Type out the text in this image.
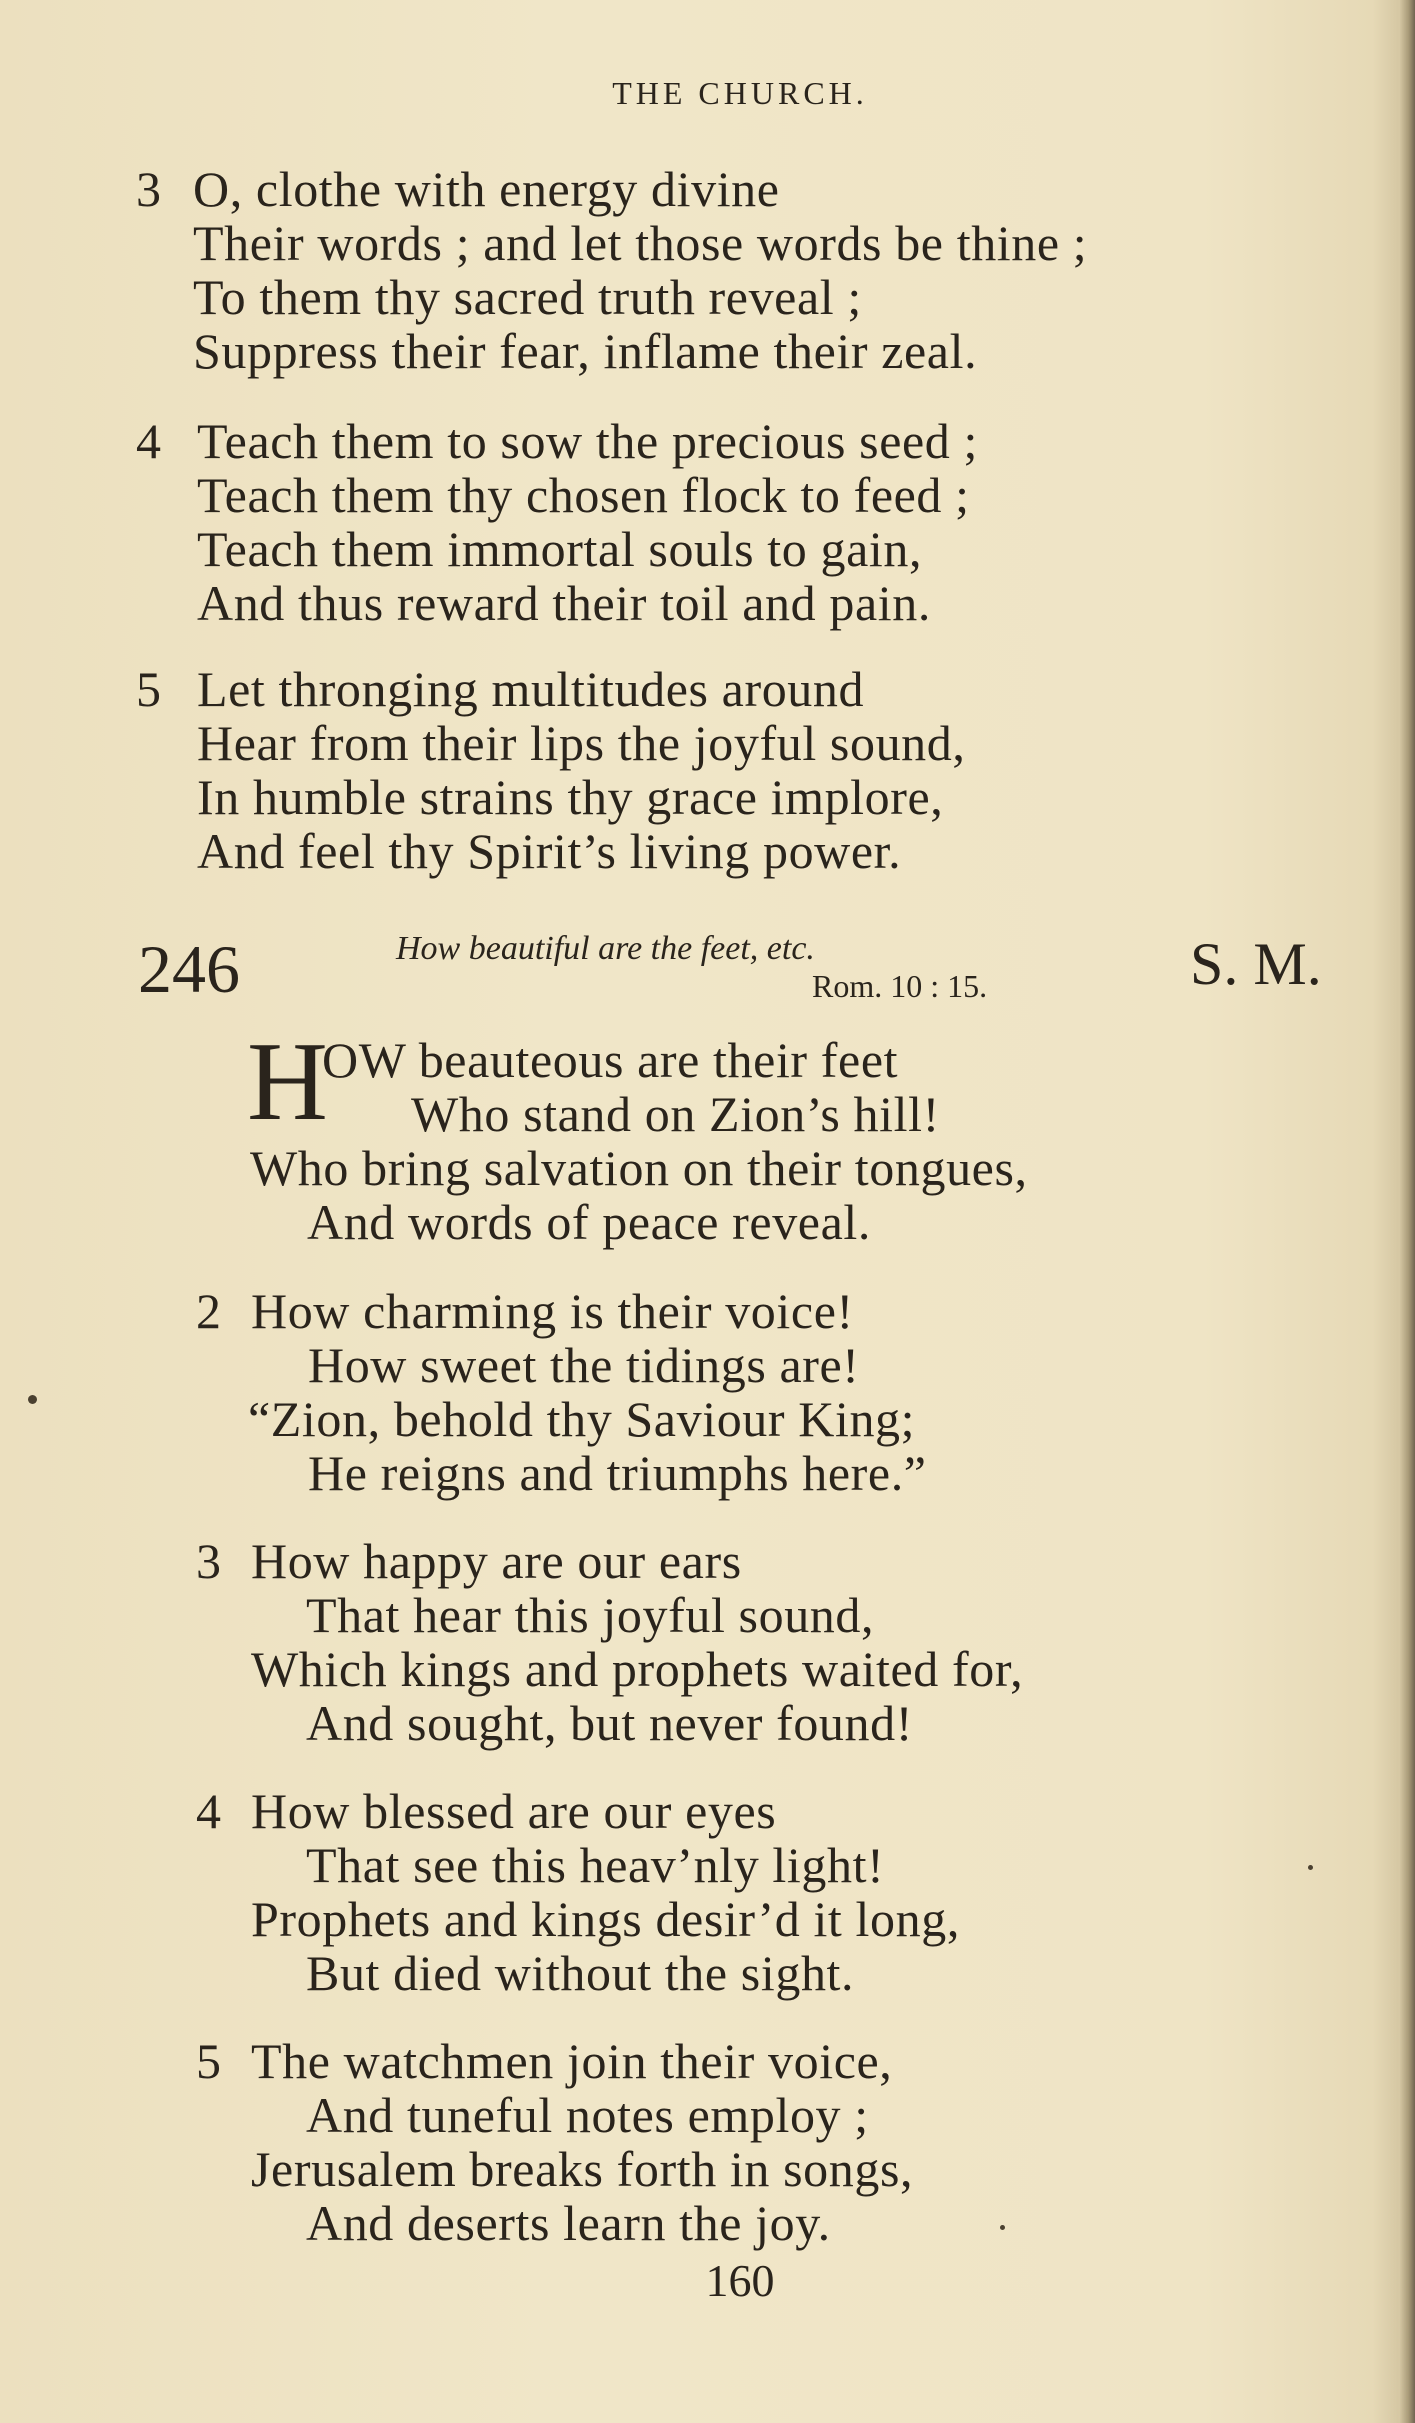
THE CHURCH.
3 O, clothe with energy divine
Their words ; and let those words be thine ;
To them thy sacred truth reveal ;
Suppress their fear, inflame their zeal.
4 Teach them to sow the precious seed ;
Teach them thy chosen flock to feed ;
Teach them immortal souls to gain,
And thus reward their toil and pain.
5 Let thronging multitudes around
Hear from their lips the joyful sound,
In humble strains thy grace implore,
And feel thy Spirit’s living power.
246	How beautiful are the feet, etc.
Rom. 10 : 15.	S. M.
H
OW beauteous are their feet
Who stand on Zion’s hill!
Who bring salvation on their tongues,
And words of peace reveal.
2 How charming is their voice!
How sweet the tidings are!
“Zion, behold thy Saviour King;
He reigns and triumphs here.”
3 How happy are our ears
That hear this joyful sound,
Which kings and prophets waited for,
And sought, but never found!
4 How blessed are our eyes
That see this heav’nly light!
Prophets and kings desir’d it long,
But died without the sight.
5 The watchmen join their voice,
And tuneful notes employ ;
Jerusalem breaks forth in songs,
And deserts learn the joy.
160
